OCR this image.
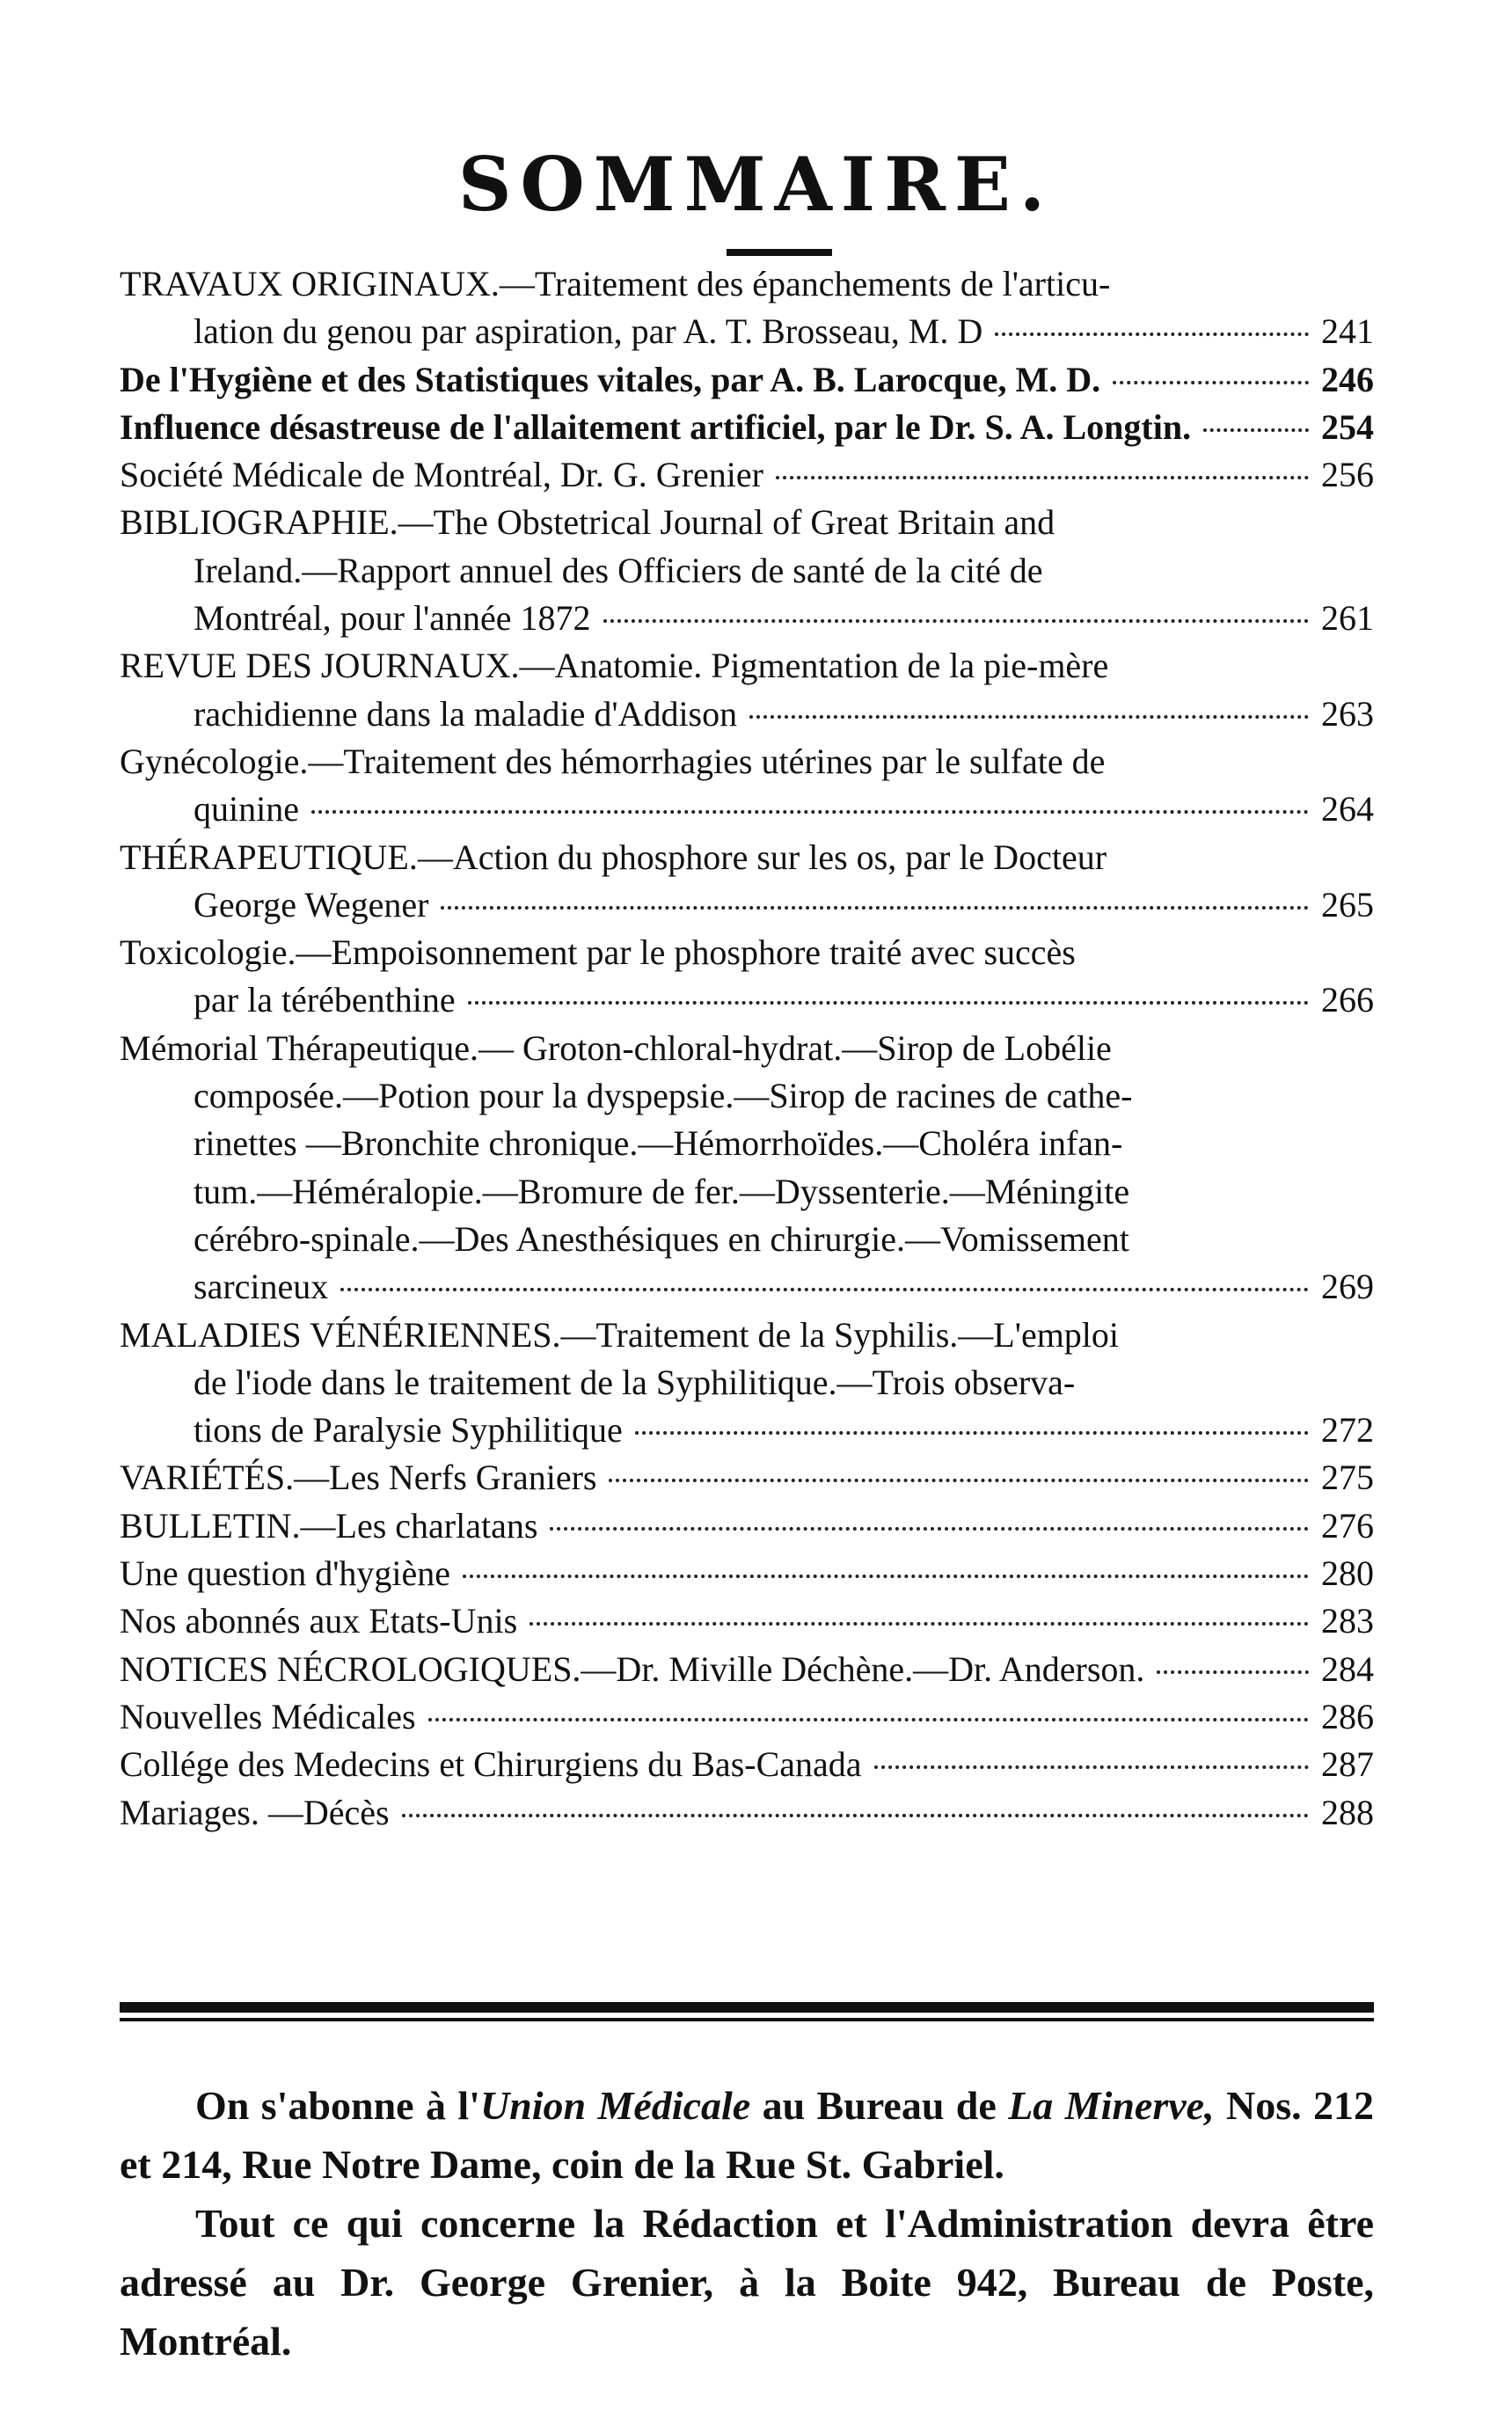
SOMMAIRE.
TRAVAUX ORIGINAUX.—Traitement des épanchements de l'articu-
lation du genou par aspiration, par A. T. Brosseau, M. D	241
De l'Hygiène et des Statistiques vitales, par A. B. Larocque, M. D.	246
Influence désastreuse de l'allaitement artificiel, par le Dr. S. A. Longtin.	254
Société Médicale de Montréal, Dr. G. Grenier	256
BIBLIOGRAPHIE.—The Obstetrical Journal of Great Britain and
Ireland.—Rapport annuel des Officiers de santé de la cité de
Montréal, pour l'année 1872	261
REVUE DES JOURNAUX.—Anatomie. Pigmentation de la pie-mère
rachidienne dans la maladie d'Addison	263
Gynécologie.—Traitement des hémorrhagies utérines par le sulfate de
quinine	264
THÉRAPEUTIQUE.—Action du phosphore sur les os, par le Docteur
George Wegener	265
Toxicologie.—Empoisonnement par le phosphore traité avec succès
par la térébenthine	266
Mémorial Thérapeutique.— Groton-chloral-hydrat.—Sirop de Lobélie
composée.—Potion pour la dyspepsie.—Sirop de racines de cathe-
rinettes —Bronchite chronique.—Hémorrhoïdes.—Choléra infan-
tum.—Héméralopie.—Bromure de fer.—Dyssenterie.—Méningite
cérébro-spinale.—Des Anesthésiques en chirurgie.—Vomissement
sarcineux	269
MALADIES VÉNÉRIENNES.—Traitement de la Syphilis.—L'emploi
de l'iode dans le traitement de la Syphilitique.—Trois observa-
tions de Paralysie Syphilitique	272
VARIÉTÉS.—Les Nerfs Graniers	275
BULLETIN.—Les charlatans	276
Une question d'hygiène	280
Nos abonnés aux Etats-Unis	283
NOTICES NÉCROLOGIQUES.—Dr. Miville Déchène.—Dr. Anderson.	284
Nouvelles Médicales	286
Collége des Medecins et Chirurgiens du Bas-Canada	287
Mariages. —Décès	288

On s'abonne à l'Union Médicale au Bureau de La Minerve, Nos. 212 et 214, Rue Notre Dame, coin de la Rue St. Gabriel.

Tout ce qui concerne la Rédaction et l'Administration devra être adressé au Dr. George Grenier, à la Boite 942, Bureau de Poste, Montréal.
